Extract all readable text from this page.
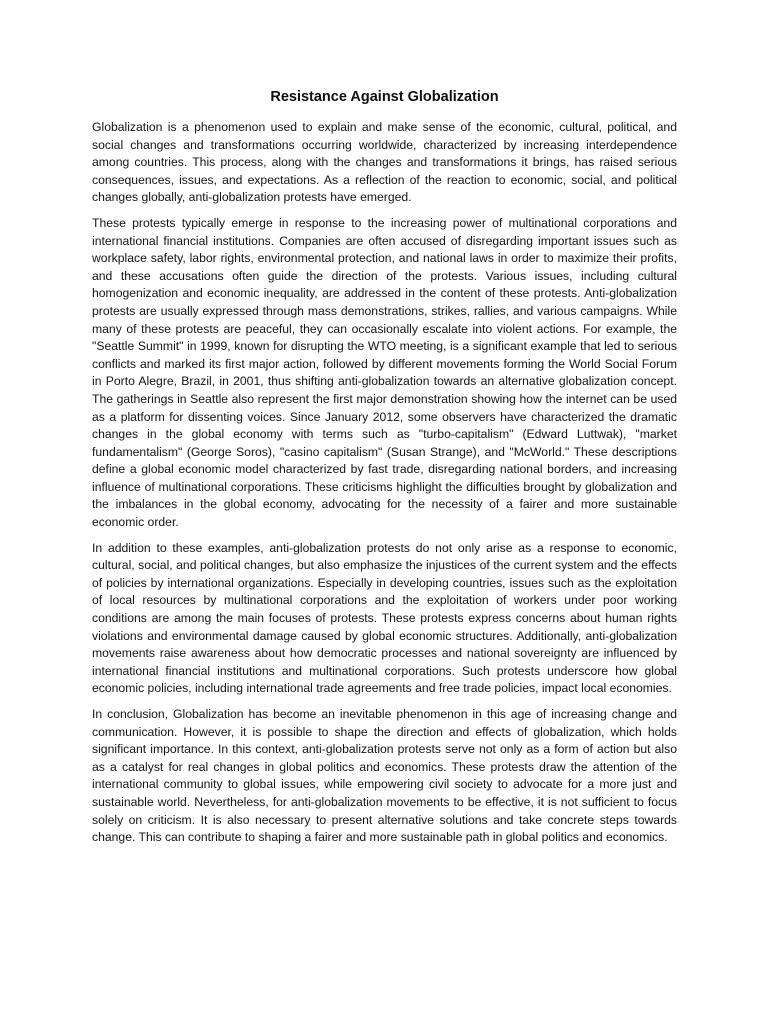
Resistance Against Globalization

Globalization is a phenomenon used to explain and make sense of the economic, cultural, political, and social changes and transformations occurring worldwide, characterized by increasing interdependence among countries. This process, along with the changes and transformations it brings, has raised serious consequences, issues, and expectations. As a reflection of the reaction to economic, social, and political changes globally, anti-globalization protests have emerged.

These protests typically emerge in response to the increasing power of multinational corporations and international financial institutions. Companies are often accused of disregarding important issues such as workplace safety, labor rights, environmental protection, and national laws in order to maximize their profits, and these accusations often guide the direction of the protests. Various issues, including cultural homogenization and economic inequality, are addressed in the content of these protests. Anti-globalization protests are usually expressed through mass demonstrations, strikes, rallies, and various campaigns. While many of these protests are peaceful, they can occasionally escalate into violent actions. For example, the "Seattle Summit" in 1999, known for disrupting the WTO meeting, is a significant example that led to serious conflicts and marked its first major action, followed by different movements forming the World Social Forum in Porto Alegre, Brazil, in 2001, thus shifting anti-globalization towards an alternative globalization concept. The gatherings in Seattle also represent the first major demonstration showing how the internet can be used as a platform for dissenting voices. Since January 2012, some observers have characterized the dramatic changes in the global economy with terms such as "turbo-capitalism" (Edward Luttwak), "market fundamentalism" (George Soros), "casino capitalism" (Susan Strange), and "McWorld." These descriptions define a global economic model characterized by fast trade, disregarding national borders, and increasing influence of multinational corporations. These criticisms highlight the difficulties brought by globalization and the imbalances in the global economy, advocating for the necessity of a fairer and more sustainable economic order.

In addition to these examples, anti-globalization protests do not only arise as a response to economic, cultural, social, and political changes, but also emphasize the injustices of the current system and the effects of policies by international organizations. Especially in developing countries, issues such as the exploitation of local resources by multinational corporations and the exploitation of workers under poor working conditions are among the main focuses of protests. These protests express concerns about human rights violations and environmental damage caused by global economic structures. Additionally, anti-globalization movements raise awareness about how democratic processes and national sovereignty are influenced by international financial institutions and multinational corporations. Such protests underscore how global economic policies, including international trade agreements and free trade policies, impact local economies.

In conclusion, Globalization has become an inevitable phenomenon in this age of increasing change and communication. However, it is possible to shape the direction and effects of globalization, which holds significant importance. In this context, anti-globalization protests serve not only as a form of action but also as a catalyst for real changes in global politics and economics. These protests draw the attention of the international community to global issues, while empowering civil society to advocate for a more just and sustainable world. Nevertheless, for anti-globalization movements to be effective, it is not sufficient to focus solely on criticism. It is also necessary to present alternative solutions and take concrete steps towards change. This can contribute to shaping a fairer and more sustainable path in global politics and economics.
